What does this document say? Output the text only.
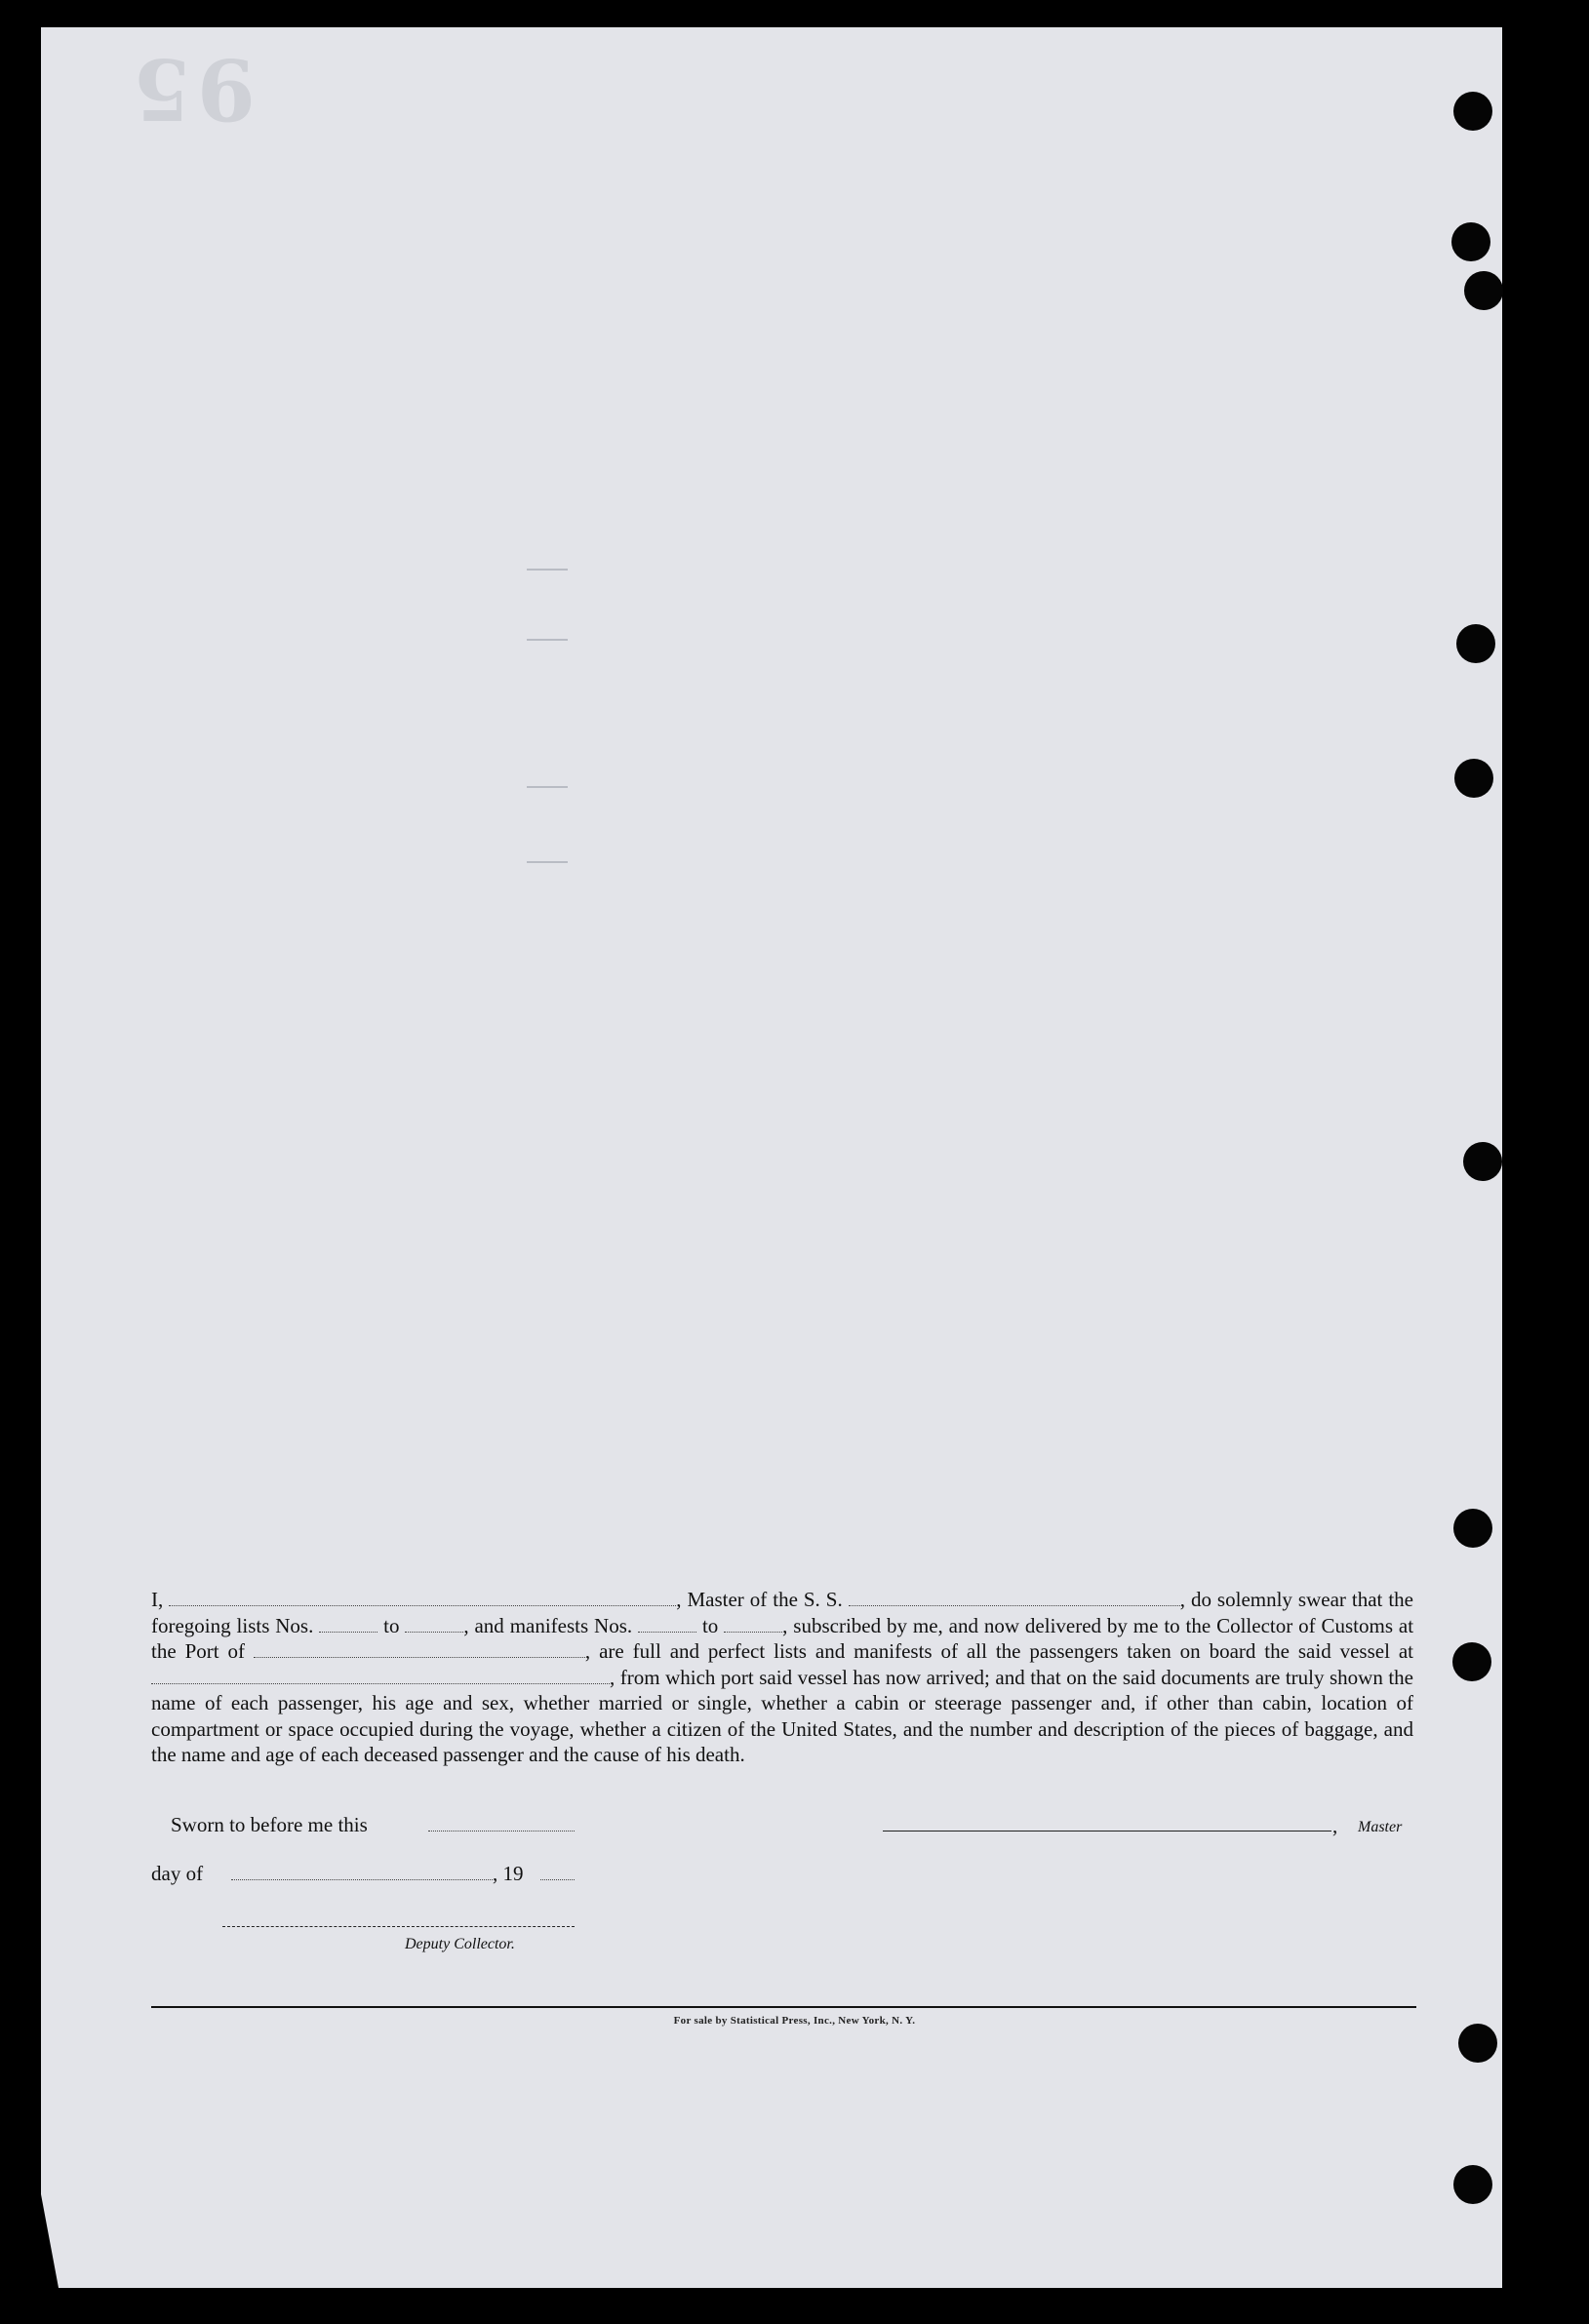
95
I,	, Master of the S. S.	, do solemnly swear that the foregoing lists Nos.	to	, and manifests Nos.	to	, subscribed by me, and now delivered by me to the Collector of Customs at the Port of	, are full and perfect lists and manifests of all the passengers taken on board the said vessel at , from which port said vessel has now arrived; and that on the said documents are truly shown the name of each passenger, his age and sex, whether married or single, whether a cabin or steerage passenger and, if other than cabin, location of compartment or space occupied during the voyage, whether a citizen of the United States, and the number and description of the pieces of baggage, and the name and age of each deceased passenger and the cause of his death.
Sworn to before me this	, Master
day of	, 19
Deputy Collector.
For sale by Statistical Press, Inc., New York, N. Y.
